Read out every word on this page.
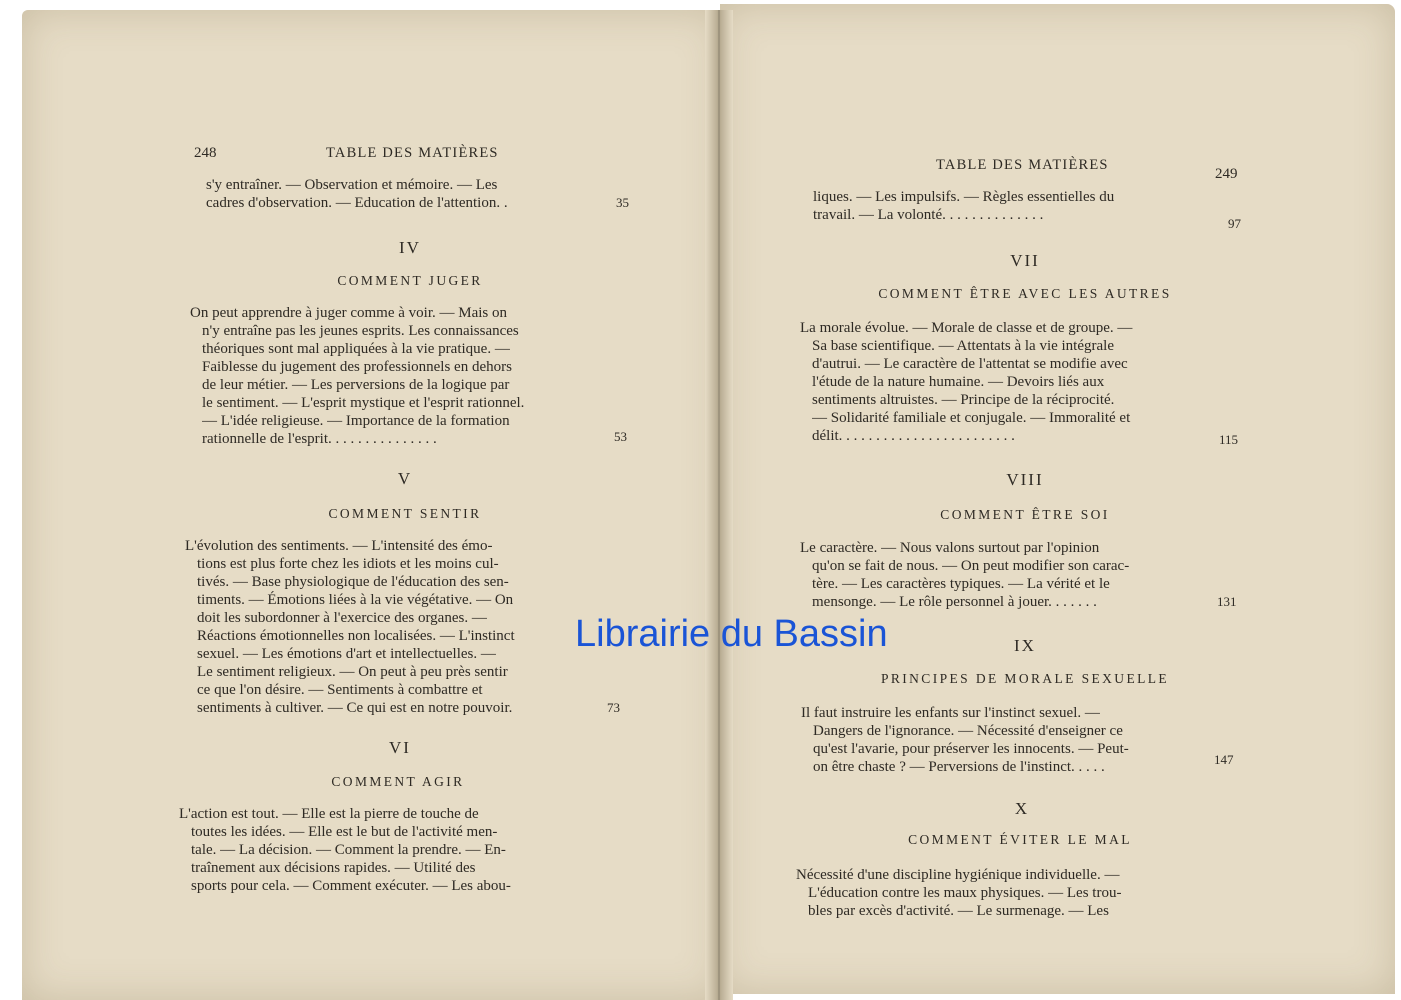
248	TABLE DES MATIÈRES
s'y entraîner. — Observation et mémoire. — Les
cadres d'observation. — Education de l'attention. .	35
IV
COMMENT JUGER
On peut apprendre à juger comme à voir. — Mais on
n'y entraîne pas les jeunes esprits. Les connaissances
théoriques sont mal appliquées à la vie pratique. —
Faiblesse du jugement des professionnels en dehors
de leur métier. — Les perversions de la logique par
le sentiment. — L'esprit mystique et l'esprit rationnel.
— L'idée religieuse. — Importance de la formation
rationnelle de l'esprit. . . . . . . . . . . . . . .	53
V
COMMENT SENTIR
L'évolution des sentiments. — L'intensité des émo-
tions est plus forte chez les idiots et les moins cul-
tivés. — Base physiologique de l'éducation des sen-
timents. — Émotions liées à la vie végétative. — On
doit les subordonner à l'exercice des organes. —
Réactions émotionnelles non localisées. — L'instinct
sexuel. — Les émotions d'art et intellectuelles. —
Le sentiment religieux. — On peut à peu près sentir
ce que l'on désire. — Sentiments à combattre et
sentiments à cultiver. — Ce qui est en notre pouvoir.	73
VI
COMMENT AGIR
L'action est tout. — Elle est la pierre de touche de
toutes les idées. — Elle est le but de l'activité men-
tale. — La décision. — Comment la prendre. — En-
traînement aux décisions rapides. — Utilité des
sports pour cela. — Comment exécuter. — Les abou-
TABLE DES MATIÈRES
249
liques. — Les impulsifs. — Règles essentielles du
travail. — La volonté. . . . . . . . . . . . . .
97
VII
COMMENT ÊTRE AVEC LES AUTRES
La morale évolue. — Morale de classe et de groupe. —
Sa base scientifique. — Attentats à la vie intégrale
d'autrui. — Le caractère de l'attentat se modifie avec
l'étude de la nature humaine. — Devoirs liés aux
sentiments altruistes. — Principe de la réciprocité.
— Solidarité familiale et conjugale. — Immoralité et
délit. . . . . . . . . . . . . . . . . . . . . . . .	115
VIII
COMMENT ÊTRE SOI
Le caractère. — Nous valons surtout par l'opinion
qu'on se fait de nous. — On peut modifier son carac-
tère. — Les caractères typiques. — La vérité et le
mensonge. — Le rôle personnel à jouer. . . . . . .	131
IX
PRINCIPES DE MORALE SEXUELLE
Il faut instruire les enfants sur l'instinct sexuel. —
Dangers de l'ignorance. — Nécessité d'enseigner ce
qu'est l'avarie, pour préserver les innocents. — Peut-
on être chaste ? — Perversions de l'instinct. . . . .	147
X
COMMENT ÉVITER LE MAL
Nécessité d'une discipline hygiénique individuelle. —
L'éducation contre les maux physiques. — Les trou-
bles par excès d'activité. — Le surmenage. — Les
Librairie du Bassin
